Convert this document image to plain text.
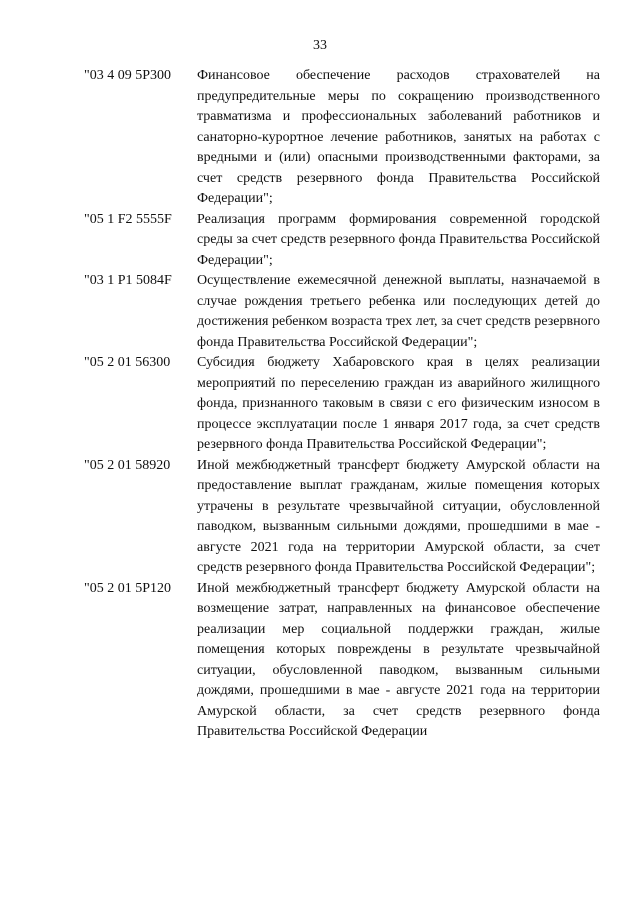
33
"03 4 09 5P300	Финансовое обеспечение расходов страхователей на предупредительные меры по сокращению производственного травматизма и профессиональных заболеваний работников и санаторно-курортное лечение работников, занятых на работах с вредными и (или) опасными производственными факторами, за счет средств резервного фонда Правительства Российской Федерации";
"05 1 F2 5555F	Реализация программ формирования современной городской среды за счет средств резервного фонда Правительства Российской Федерации";
"03 1 P1 5084F	Осуществление ежемесячной денежной выплаты, назначаемой в случае рождения третьего ребенка или последующих детей до достижения ребенком возраста трех лет, за счет средств резервного фонда Правительства Российской Федерации";
"05 2 01 56300	Субсидия бюджету Хабаровского края в целях реализации мероприятий по переселению граждан из аварийного жилищного фонда, признанного таковым в связи с его физическим износом в процессе эксплуатации после 1 января 2017 года, за счет средств резервного фонда Правительства Российской Федерации";
"05 2 01 58920	Иной межбюджетный трансферт бюджету Амурской области на предоставление выплат гражданам, жилые помещения которых утрачены в результате чрезвычайной ситуации, обусловленной паводком, вызванным сильными дождями, прошедшими в мае - августе 2021 года на территории Амурской области, за счет средств резервного фонда Правительства Российской Федерации";
"05 2 01 5P120	Иной межбюджетный трансферт бюджету Амурской области на возмещение затрат, направленных на финансовое обеспечение реализации мер социальной поддержки граждан, жилые помещения которых повреждены в результате чрезвычайной ситуации, обусловленной паводком, вызванным сильными дождями, прошедшими в мае - августе 2021 года на территории Амурской области, за счет средств резервного фонда Правительства Российской Федерации
